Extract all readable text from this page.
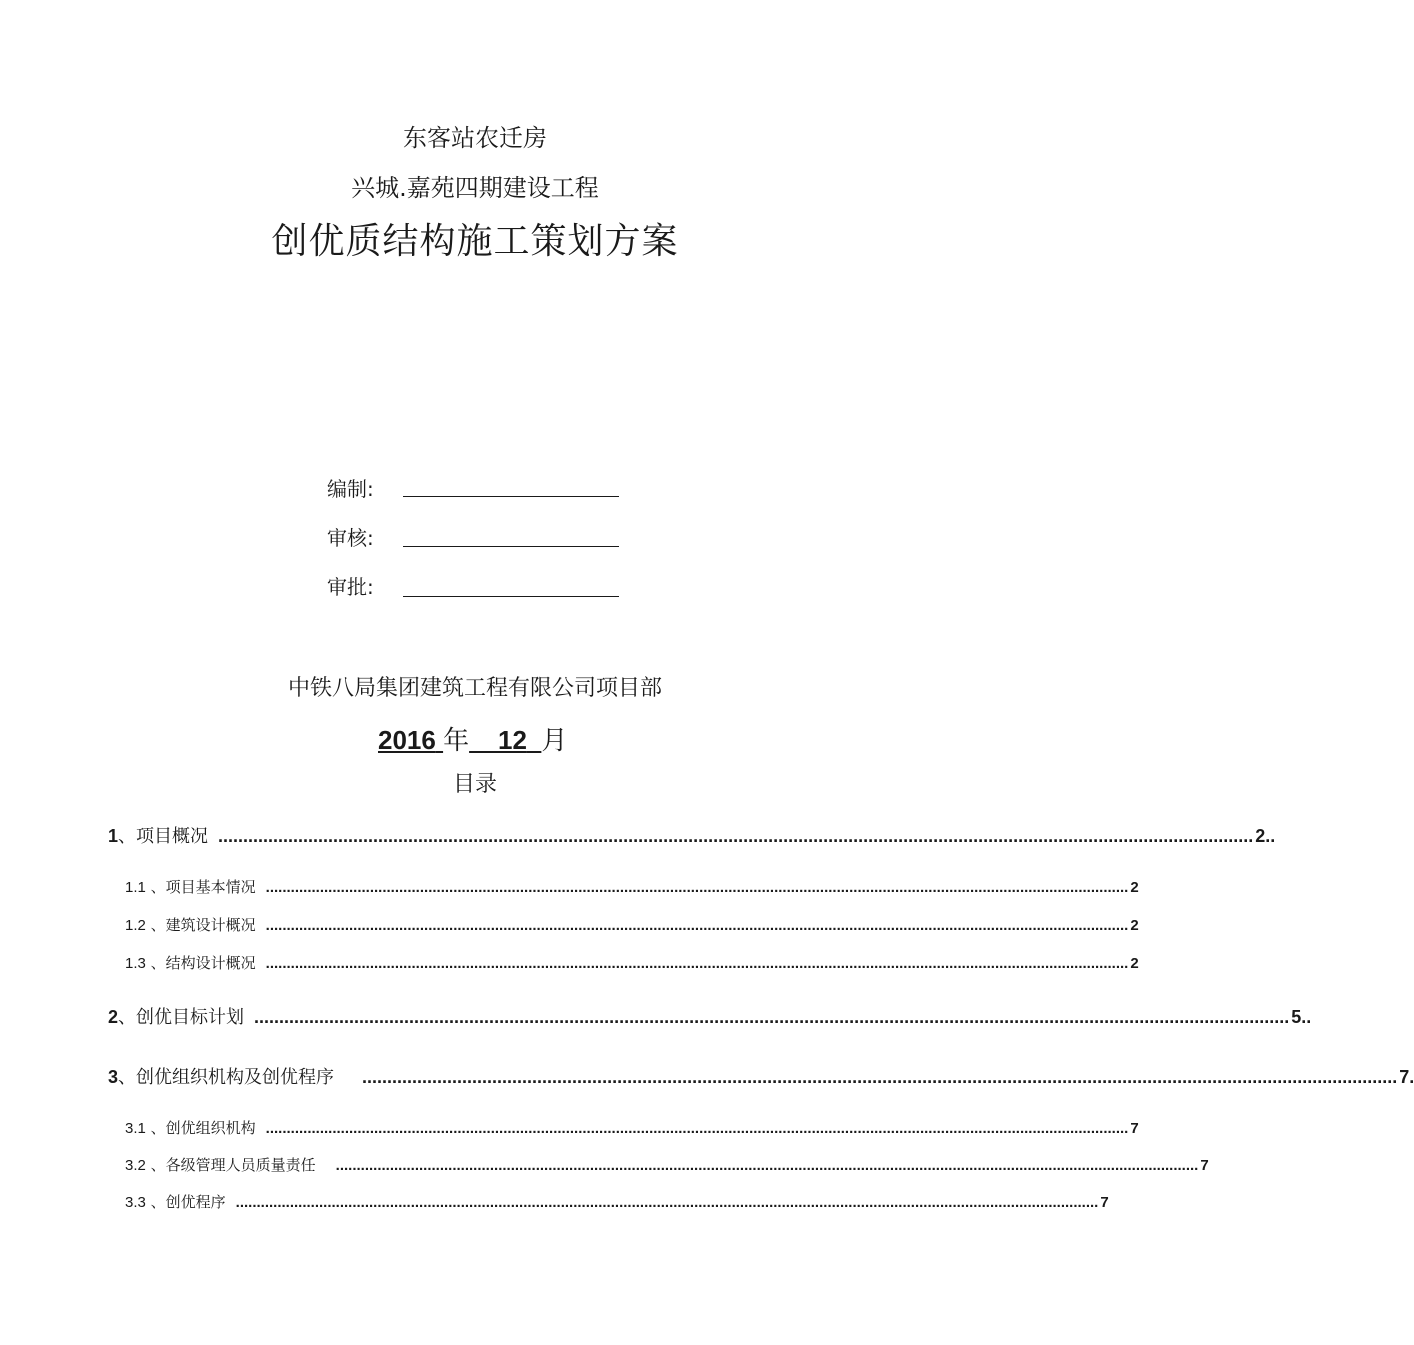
东客站农迁房
兴城.嘉苑四期建设工程
创优质结构施工策划方案
编制:
审核:
审批:
中铁八局集团建筑工程有限公司项目部
2016 年 12 月
目录
1、项目概况 ............................................................................................................................................................................................................... 2..
1.1 、项目基本情况 ............................................................................................................................................................................................................... 2
1.2 、建筑设计概况 ............................................................................................................................................................................................................... 2
1.3 、结构设计概况 ............................................................................................................................................................................................................... 2
2、创优目标计划 ............................................................................................................................................................................................................... 5..
3、创优组织机构及创优程序	............................................................................................................................................................................................................... 7.
3.1 、创优组织机构 ............................................................................................................................................................................................................... 7
3.2 、各级管理人员质量责任	............................................................................................................................................................................................................... 7
3.3 、创优程序 ............................................................................................................................................................................................................... 7
